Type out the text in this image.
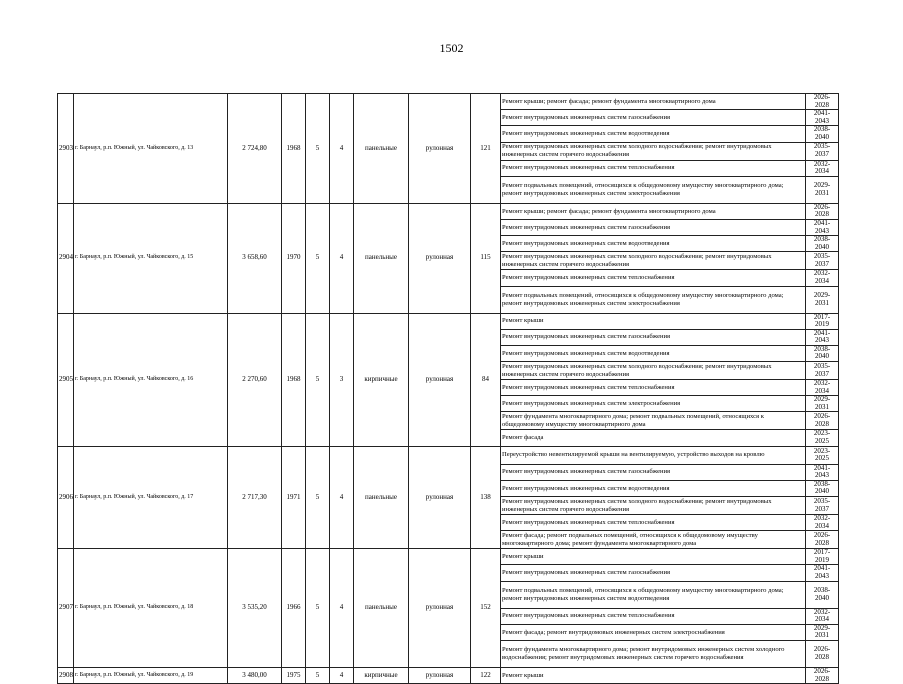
1502
2903	г. Барнаул, р.п. Южный, ул. Чайковского, д. 13	2 724,80	1968	5	4	панельные	рулонная	121	Ремонт крыши; ремонт фасада; ремонт фундамента многоквартирного дома	2026-2028
									Ремонт внутридомовых инженерных систем газоснабжения	2041-2043
									Ремонт внутридомовых инженерных систем водоотведения	2038-2040
									Ремонт внутридомовых инженерных систем холодного водоснабжения; ремонт внутридомовых инженерных систем горячего водоснабжения	2035-2037
									Ремонт внутридомовых инженерных систем теплоснабжения	2032-2034
									Ремонт подвальных помещений, относящихся к общедомовому имуществу многоквартирного дома; ремонт внутридомовых инженерных систем электроснабжения	2029-2031
2904	г. Барнаул, р.п. Южный, ул. Чайковского, д. 15	3 658,60	1970	5	4	панельные	рулонная	115	Ремонт крыши; ремонт фасада; ремонт фундамента многоквартирного дома	2026-2028
									Ремонт внутридомовых инженерных систем газоснабжения	2041-2043
									Ремонт внутридомовых инженерных систем водоотведения	2038-2040
									Ремонт внутридомовых инженерных систем холодного водоснабжения; ремонт внутридомовых инженерных систем горячего водоснабжения	2035-2037
									Ремонт внутридомовых инженерных систем теплоснабжения	2032-2034
									Ремонт подвальных помещений, относящихся к общедомовому имуществу многоквартирного дома; ремонт внутридомовых инженерных систем электроснабжения	2029-2031
2905	г. Барнаул, р.п. Южный, ул. Чайковского, д. 16	2 270,60	1968	5	3	кирпичные	рулонная	84	Ремонт крыши	2017-2019
									Ремонт внутридомовых инженерных систем газоснабжения	2041-2043
									Ремонт внутридомовых инженерных систем водоотведения	2038-2040
									Ремонт внутридомовых инженерных систем холодного водоснабжения; ремонт внутридомовых инженерных систем горячего водоснабжения	2035-2037
									Ремонт внутридомовых инженерных систем теплоснабжения	2032-2034
									Ремонт внутридомовых инженерных систем электроснабжения	2029-2031
									Ремонт фундамента многоквартирного дома; ремонт подвальных помещений, относящихся к общедомовому имуществу многоквартирного дома	2026-2028
									Ремонт фасада	2023-2025
2906	г. Барнаул, р.п. Южный, ул. Чайковского, д. 17	2 717,30	1971	5	4	панельные	рулонная	138	Переустройство невентилируемой крыши на вентилируемую, устройство выходов на кровлю	2023-2025
									Ремонт внутридомовых инженерных систем газоснабжения	2041-2043
									Ремонт внутридомовых инженерных систем водоотведения	2038-2040
									Ремонт внутридомовых инженерных систем холодного водоснабжения; ремонт внутридомовых инженерных систем горячего водоснабжения	2035-2037
									Ремонт внутридомовых инженерных систем теплоснабжения	2032-2034
									Ремонт фасада; ремонт подвальных помещений, относящихся к общедомовому имуществу многоквартирного дома; ремонт фундамента многоквартирного дома	2026-2028
2907	г. Барнаул, р.п. Южный, ул. Чайковского, д. 18	3 535,20	1966	5	4	панельные	рулонная	152	Ремонт крыши	2017-2019
									Ремонт внутридомовых инженерных систем газоснабжения	2041-2043
									Ремонт подвальных помещений, относящихся к общедомовому имуществу многоквартирного дома; ремонт внутридомовых инженерных систем водоотведения	2038-2040
									Ремонт внутридомовых инженерных систем теплоснабжения	2032-2034
									Ремонт фасада; ремонт внутридомовых инженерных систем электроснабжения	2029-2031
									Ремонт фундамента многоквартирного дома; ремонт внутридомовых инженерных систем холодного водоснабжения; ремонт внутридомовых инженерных систем горячего водоснабжения	2026-2028
2908	г. Барнаул, р.п. Южный, ул. Чайковского, д. 19	3 480,00	1975	5	4	кирпичные	рулонная	122	Ремонт крыши	2026-2028
